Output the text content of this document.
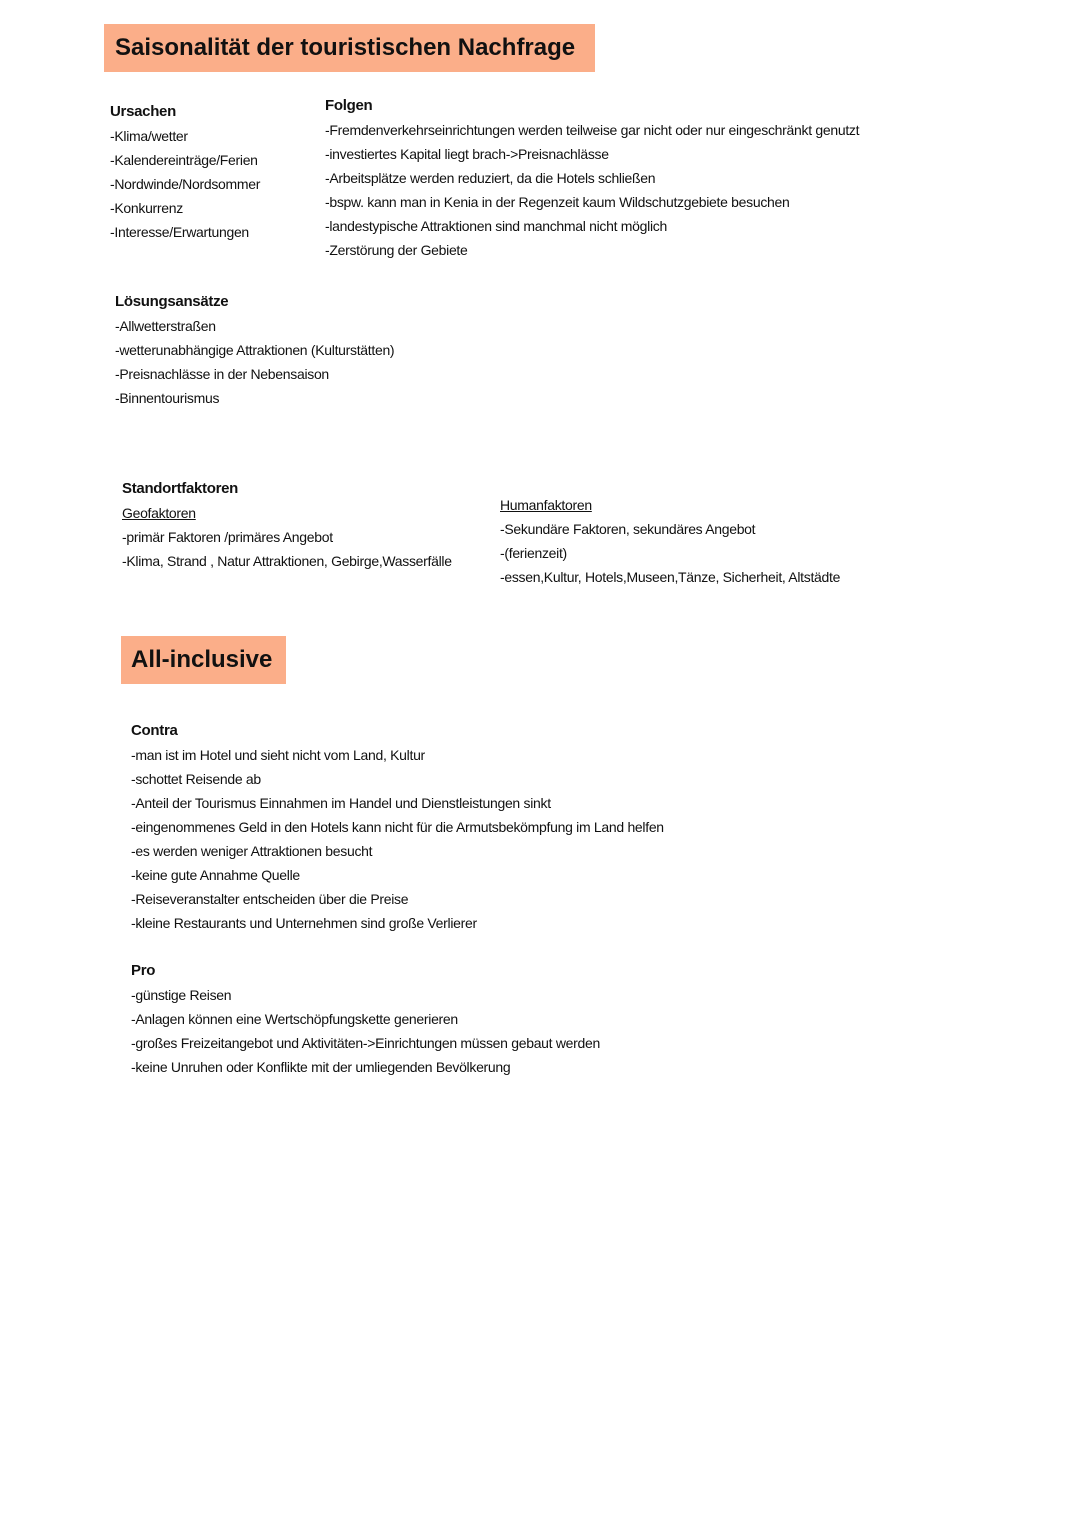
Saisonalität der touristischen Nachfrage
Ursachen
-Klima/wetter
-Kalendereinträge/Ferien
-Nordwinde/Nordsommer
-Konkurrenz
-Interesse/Erwartungen
Folgen
-Fremdenverkehrseinrichtungen werden teilweise gar nicht oder nur eingeschränkt genutzt
-investiertes Kapital liegt brach->Preisnachlässe
-Arbeitsplätze werden reduziert, da die Hotels schließen
-bspw. kann man in Kenia in der Regenzeit kaum Wildschutzgebiete besuchen
-landestypische Attraktionen sind manchmal nicht möglich
-Zerstörung der Gebiete
Lösungsansätze
-Allwetterstraßen
-wetterunabhängige Attraktionen (Kulturstätten)
-Preisnachlässe in der Nebensaison
-Binnentourismus
Standortfaktoren
Geofaktoren
-primär Faktoren /primäres Angebot
-Klima, Strand , Natur Attraktionen, Gebirge,Wasserfälle
Humanfaktoren
-Sekundäre Faktoren, sekundäres Angebot
-(ferienzeit)
-essen,Kultur, Hotels,Museen,Tänze, Sicherheit, Altstädte
All-inclusive
Contra
-man ist im Hotel und sieht nicht vom Land, Kultur
-schottet Reisende ab
-Anteil der Tourismus Einnahmen im Handel und Dienstleistungen sinkt
-eingenommenes Geld in den Hotels kann nicht für die Armutsbekömpfung im Land helfen
-es werden weniger Attraktionen besucht
-keine gute Annahme Quelle
-Reiseveranstalter entscheiden über die Preise
-kleine Restaurants und Unternehmen sind große Verlierer
Pro
-günstige Reisen
-Anlagen können eine Wertschöpfungskette generieren
-großes Freizeitangebot und Aktivitäten->Einrichtungen müssen gebaut werden
-keine Unruhen oder Konflikte mit der umliegenden Bevölkerung
